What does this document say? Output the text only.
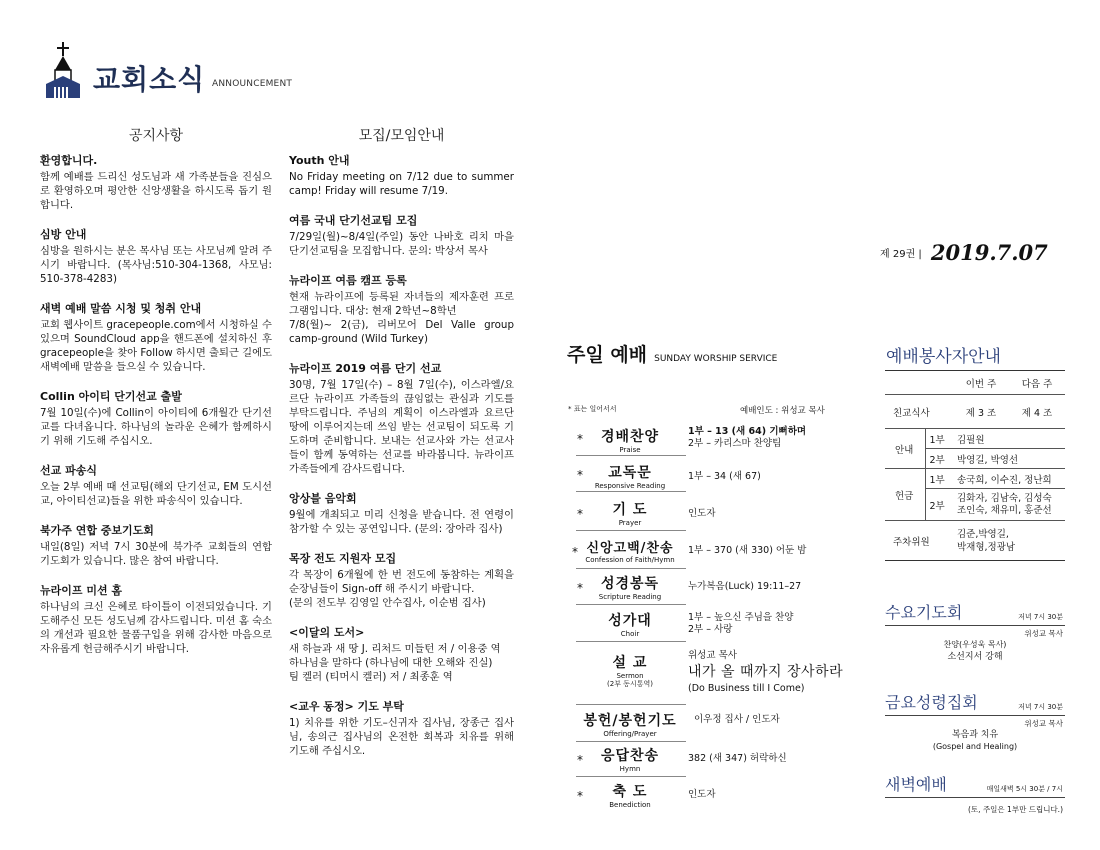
교회소식 ANNOUNCEMENT
공지사항
환영합니다.
함께 예배를 드리신 성도님과 새 가족분들을 진심으로 환영하오며 평안한 신앙생활을 하시도록 돕기 원합니다.
심방 안내
심방을 원하시는 분은 목사님 또는 사모님께 알려 주시기 바랍니다. (목사님:510-304-1368, 사모님: 510-378-4283)
새벽 예배 말씀 시청 및 청취 안내
교회 웹사이트 gracepeople.com에서 시청하실 수 있으며 SoundCloud app을 핸드폰에 설치하신 후 gracepeople을 찾아 Follow 하시면 출퇴근 길에도 새벽예배 말씀을 들으실 수 있습니다.
Collin 아이티 단기선교 출발
7월 10일(수)에 Collin이 아이티에 6개월간 단기선교를 다녀옵니다. 하나님의 놀라운 은혜가 함께하시기 위해 기도해 주십시오.
선교 파송식
오늘 2부 예배 때 선교팀(해외 단기선교, EM 도시선교, 아이티선교)들을 위한 파송식이 있습니다.
북가주 연합 중보기도회
내일(8일) 저녁 7시 30분에 북가주 교회들의 연합기도회가 있습니다. 많은 참여 바랍니다.
뉴라이프 미션 홈
하나님의 크신 은혜로 타이틀이 이전되었습니다. 기도해주신 모든 성도님께 감사드립니다. 미션 홈 숙소의 개선과 필요한 물품구입을 위해 감사한 마음으로 자유롭게 헌금해주시기 바랍니다.
모집/모임안내
Youth 안내
No Friday meeting on 7/12 due to summer camp! Friday will resume 7/19.
여름 국내 단기선교팀 모집
7/29일(월)~8/4일(주일) 동안 나바호 리치 마을 단기선교팀을 모집합니다. 문의: 박상서 목사
뉴라이프 여름 캠프 등록
현재 뉴라이프에 등록된 자녀들의 제자훈련 프로그램입니다. 대상: 현재 2학년~8학년
7/8(월)~ 2(금), 리버모어 Del Valle group camp-ground (Wild Turkey)
뉴라이프 2019 여름 단기 선교
30명, 7월 17일(수) – 8월 7일(수), 이스라엘/요르단 뉴라이프 가족들의 끊임없는 관심과 기도를 부탁드립니다. 주님의 계획이 이스라엘과 요르단 땅에 이루어지는데 쓰임 받는 선교팀이 되도록 기도하며 준비합니다. 보내는 선교사와 가는 선교사들이 함께 동역하는 선교를 바라봅니다. 뉴라이프 가족들에게 감사드립니다.
앙상블 음악회
9월에 개최되고 미리 신청을 받습니다. 전 연령이 참가할 수 있는 공연입니다. (문의: 장아라 집사)
목장 전도 지원자 모집
각 목장이 6개월에 한 번 전도에 동참하는 계획을 순장님들이 Sign-off 해 주시기 바랍니다.
(문의 전도부 김영일 안수집사, 이순범 집사)
<이달의 도서>
새 하늘과 새 땅 J. 리처드 미들턴 저 / 이용중 역
하나님을 말하다 (하나님에 대한 오해와 진실)
팀 켈러 (티머시 켈러) 저 / 최종훈 역
<교우 동정> 기도 부탁
1) 치유를 위한 기도–신귀자 집사님, 장종근 집사님, 송의근 집사님의 온전한 회복과 치유를 위해 기도해 주십시오.
제 29권 | 2019.7.07
주일 예배 SUNDAY WORSHIP SERVICE
* 표는 일어서서	예배인도 : 위성교 목사
*	경배찬양
Praise
1부 – 13 (새 64) 기뻐하며
2부 – 카리스마 찬양팀
*	교독문
Responsive Reading
1부 – 34 (새 67)
*	기 도
Prayer
인도자
* 신앙고백/찬송
Confession of Faith/Hymn
1부 – 370 (새 330) 어둔 밤
*	성경봉독
Scripture Reading
누가복음(Luck) 19:11–27
성가대
Choir
1부 – 높으신 주님을 찬양
2부 – 사랑
설 교
Sermon
(2부 동시통역)
위성교 목사
내가 올 때까지 장사하라
(Do Business till I Come)
봉헌/봉헌기도
Offering/Prayer
이우정 집사 / 인도자
*	응답찬송
Hymn
382 (새 347) 허락하신
*	축 도
Benediction
인도자
예배봉사자안내
		이번 주	다음 주
친교식사		제 3 조	제 4 조
안내	1부	김필원	
	2부	박영길, 박영선	
헌금	1부	송국희, 이수진, 정난희	
	2부	김화자, 김남숙, 김성숙
조인숙, 채유미, 홍준선	

주차위원		김준,박영길,
박재형,정광남	
수요기도회	저녁 7시 30분
위성교 목사
찬양(우성욱 목사)
소선지서 강해
금요성령집회	저녁 7시 30분
위성교 목사
복음과 치유
(Gospel and Healing)
새벽예배	매일새벽 5시 30분 / 7시
(토, 주일은 1부만 드립니다.)
